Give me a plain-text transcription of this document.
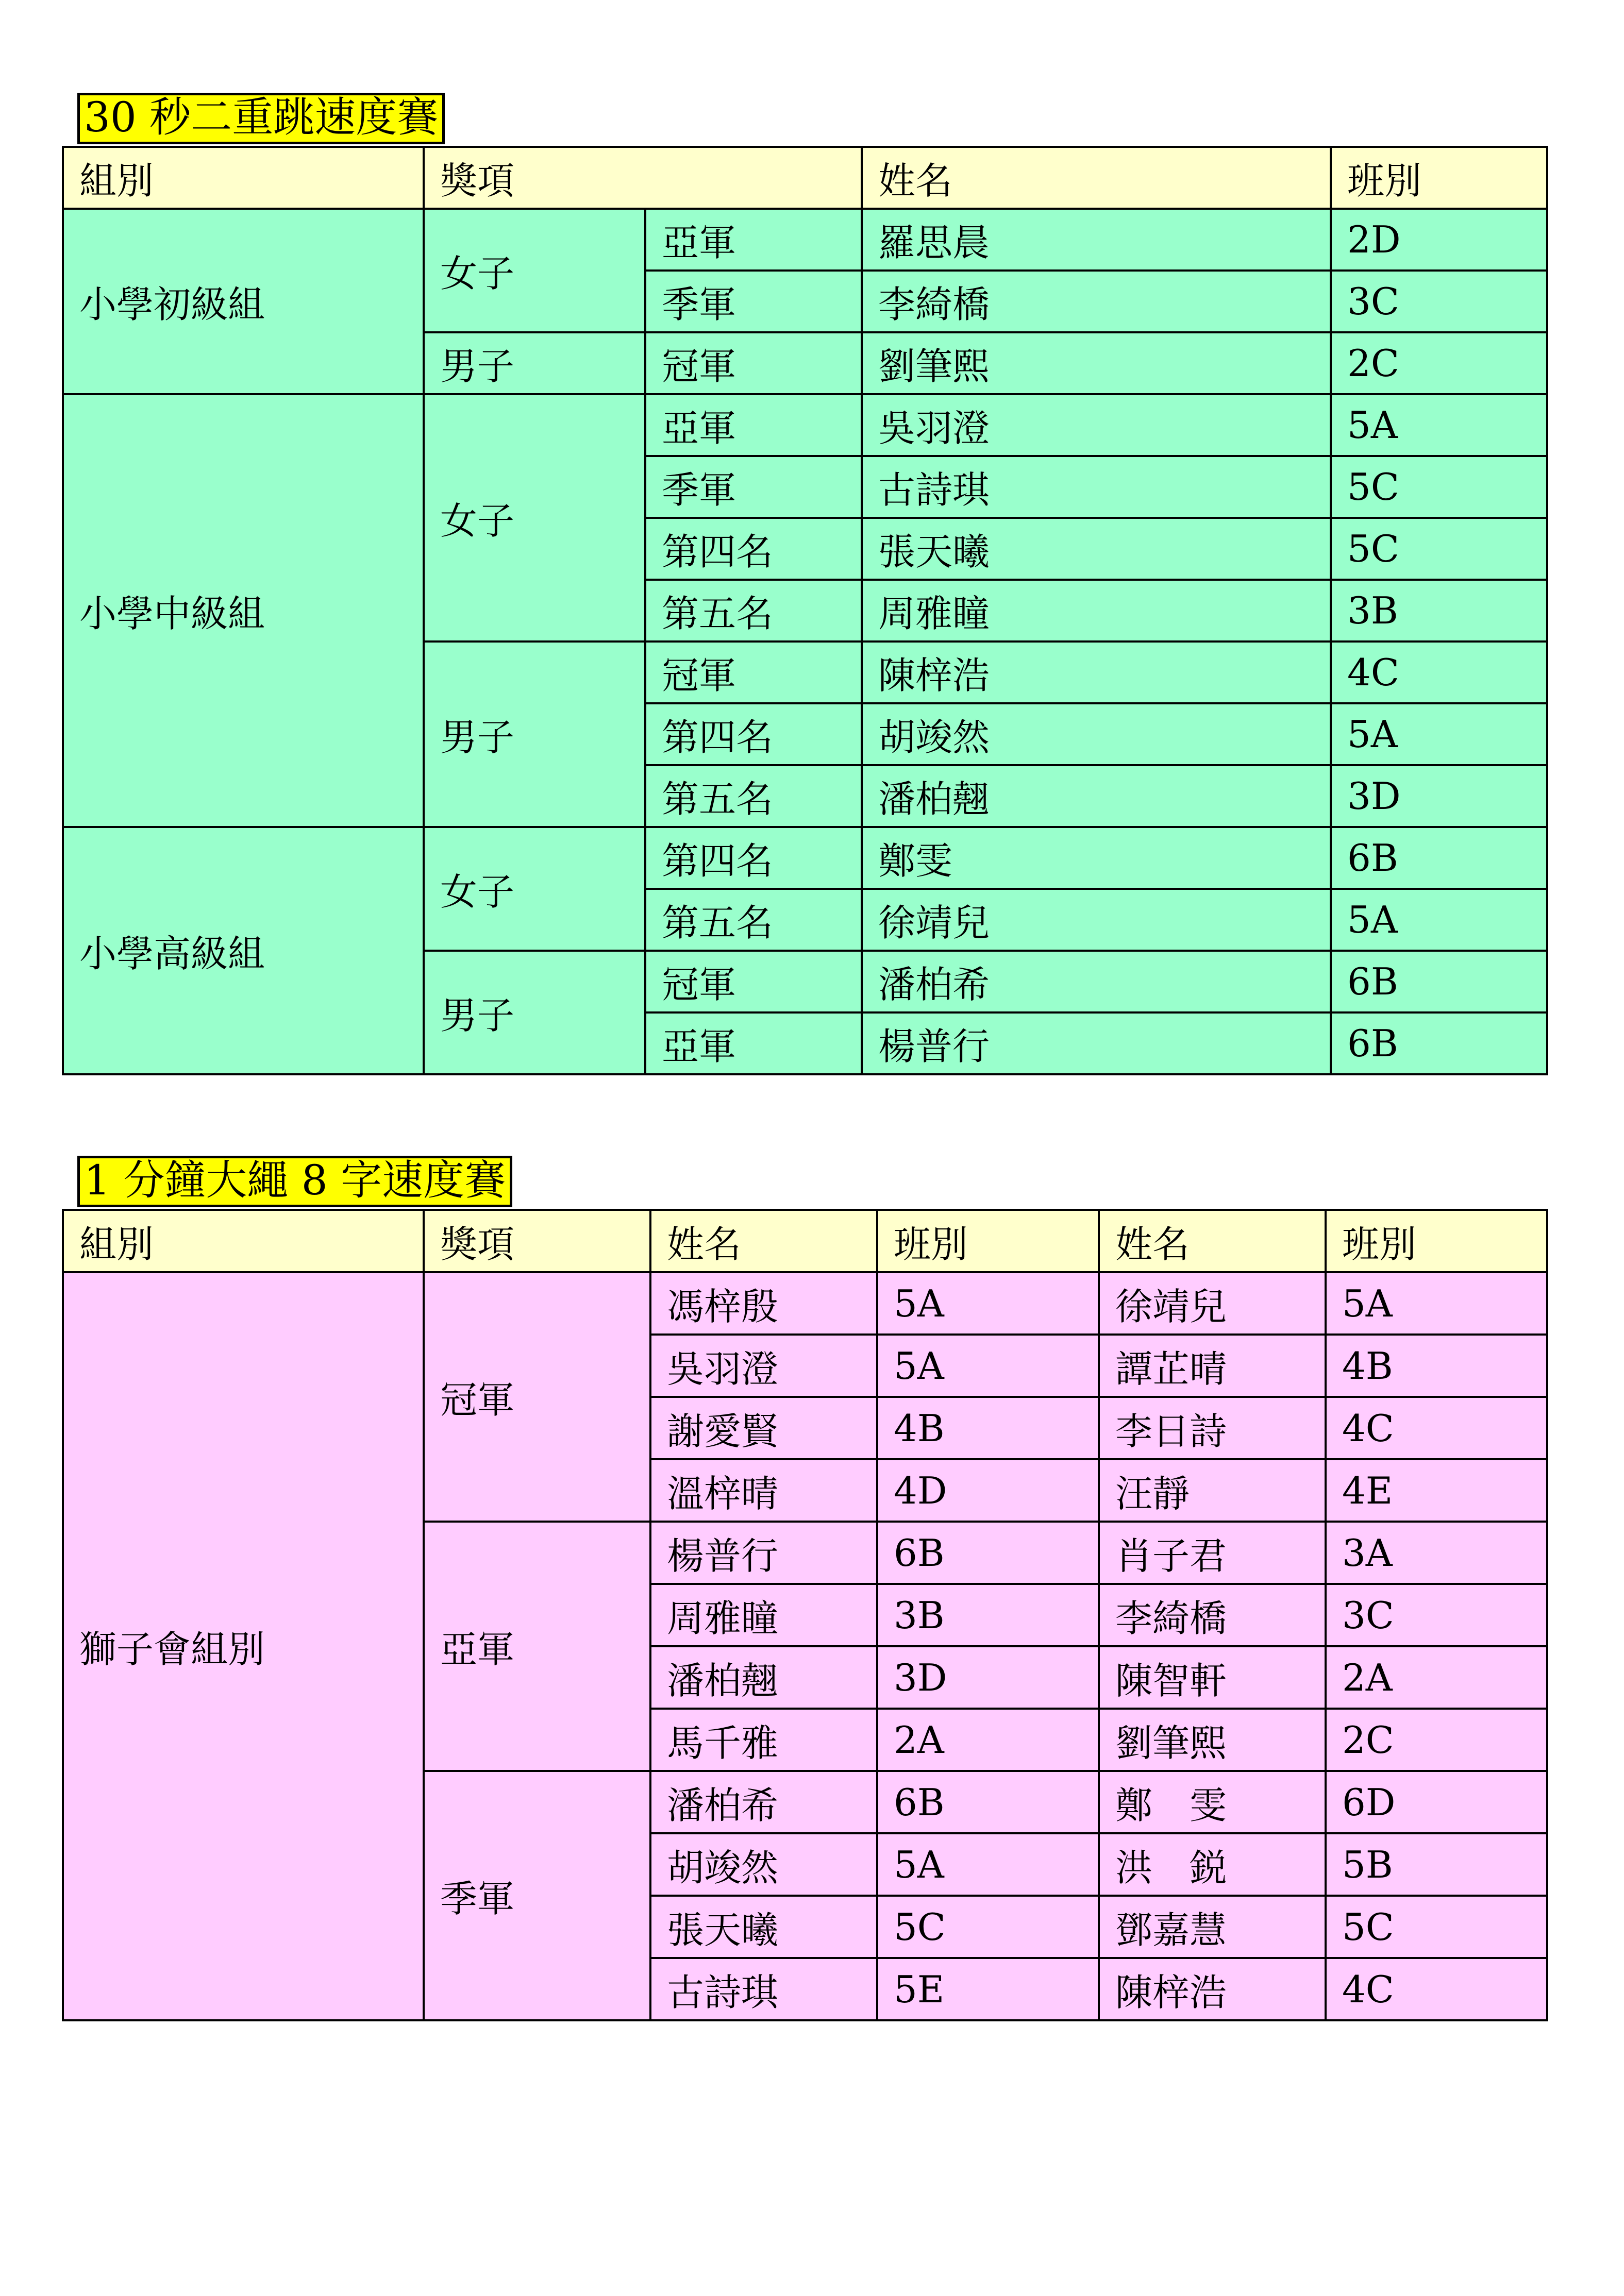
30 秒二重跳速度賽
組別	獎項		姓名	班別
小學初級組	女子	亞軍	羅思晨	2D
		季軍	李綺橋	3C
	男子	冠軍	劉筆熙	2C
小學中級組	女子	亞軍	吳羽澄	5A
		季軍	古詩琪	5C
		第四名	張天曦	5C
		第五名	周雅瞳	3B
	男子	冠軍	陳梓浩	4C
		第四名	胡竣然	5A
		第五名	潘柏翹	3D
小學高級組	女子	第四名	鄭雯	6B
		第五名	徐靖兒	5A
	男子	冠軍	潘柏希	6B
		亞軍	楊普行	6B
1 分鐘大繩 8 字速度賽
組別	獎項	姓名	班別	姓名	班別
獅子會組別	冠軍	馮梓殷	5A	徐靖兒	5A
		吳羽澄	5A	譚芷晴	4B
		謝愛賢	4B	李日詩	4C
		溫梓晴	4D	汪靜	4E
	亞軍	楊普行	6B	肖子君	3A
		周雅瞳	3B	李綺橋	3C
		潘柏翹	3D	陳智軒	2A
		馬千雅	2A	劉筆熙	2C
	季軍	潘柏希	6B	鄭　雯	6D
		胡竣然	5A	洪　鋭	5B
		張天曦	5C	鄧嘉慧	5C
		古詩琪	5E	陳梓浩	4C
